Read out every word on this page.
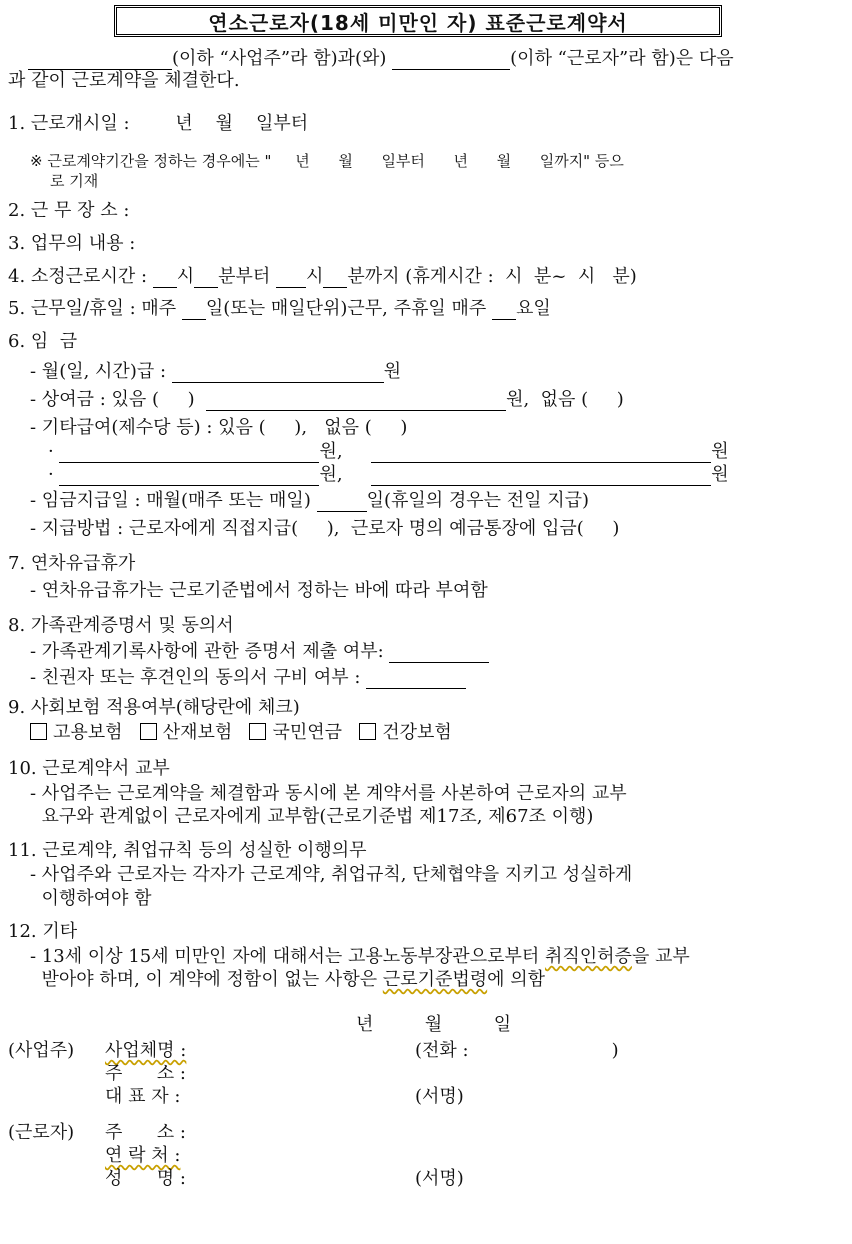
연소근로자(18세 미만인 자) 표준근로계약서
(이하 “사업주”라 함)과(와)	(이하 “근로자”라 함)은 다음
과 같이 근로계약을 체결한다.
1. 근로개시일 :        년    월    일부터
※ 근로계약기간을 정하는 경우에는 "     년      월      일부터      년      월      일까지" 등으
로 기재
2. 근 무 장 소 :
3. 업무의 내용 :
4. 소정근로시간 : 시 분부터 시 분까지 (휴게시간 :  시  분~  시   분)
5. 근무일/휴일 : 매주 일(또는 매일단위)근무, 주휴일 매주 요일
6. 임  금
- 월(일, 시간)급 :	원
- 상여금 : 있음 (     )	원,  없음 (     )
- 기타급여(제수당 등) : 있음 (     ),   없음 (     )
·	원,	원
·	원,	원
- 임금지급일 : 매월(매주 또는 매일)	일(휴일의 경우는 전일 지급)
- 지급방법 : 근로자에게 직접지급(     ),  근로자 명의 예금통장에 입금(     )
7. 연차유급휴가
- 연차유급휴가는 근로기준법에서 정하는 바에 따라 부여함
8. 가족관계증명서 및 동의서
- 가족관계기록사항에 관한 증명서 제출 여부:
- 친권자 또는 후견인의 동의서 구비 여부 :
9. 사회보험 적용여부(해당란에 체크)
고용보험 산재보험 국민연금 건강보험
10. 근로계약서 교부
- 사업주는 근로계약을 체결함과 동시에 본 계약서를 사본하여 근로자의 교부
요구와 관계없이 근로자에게 교부함(근로기준법 제17조, 제67조 이행)
11. 근로계약, 취업규칙 등의 성실한 이행의무
- 사업주와 근로자는 각자가 근로계약, 취업규칙, 단체협약을 지키고 성실하게
이행하여야 함
12. 기타
- 13세 이상 15세 미만인 자에 대해서는 고용노동부장관으로부터 취직인허증을 교부
받아야 하며, 이 계약에 정함이 없는 사항은 근로기준법령에 의함
년         월         일
(사업주) 사업체명 :	(전화 :                         )
주      소 :
대 표 자 :	(서명)
(근로자) 주      소 :
연 락 처 :
성      명 :	(서명)
